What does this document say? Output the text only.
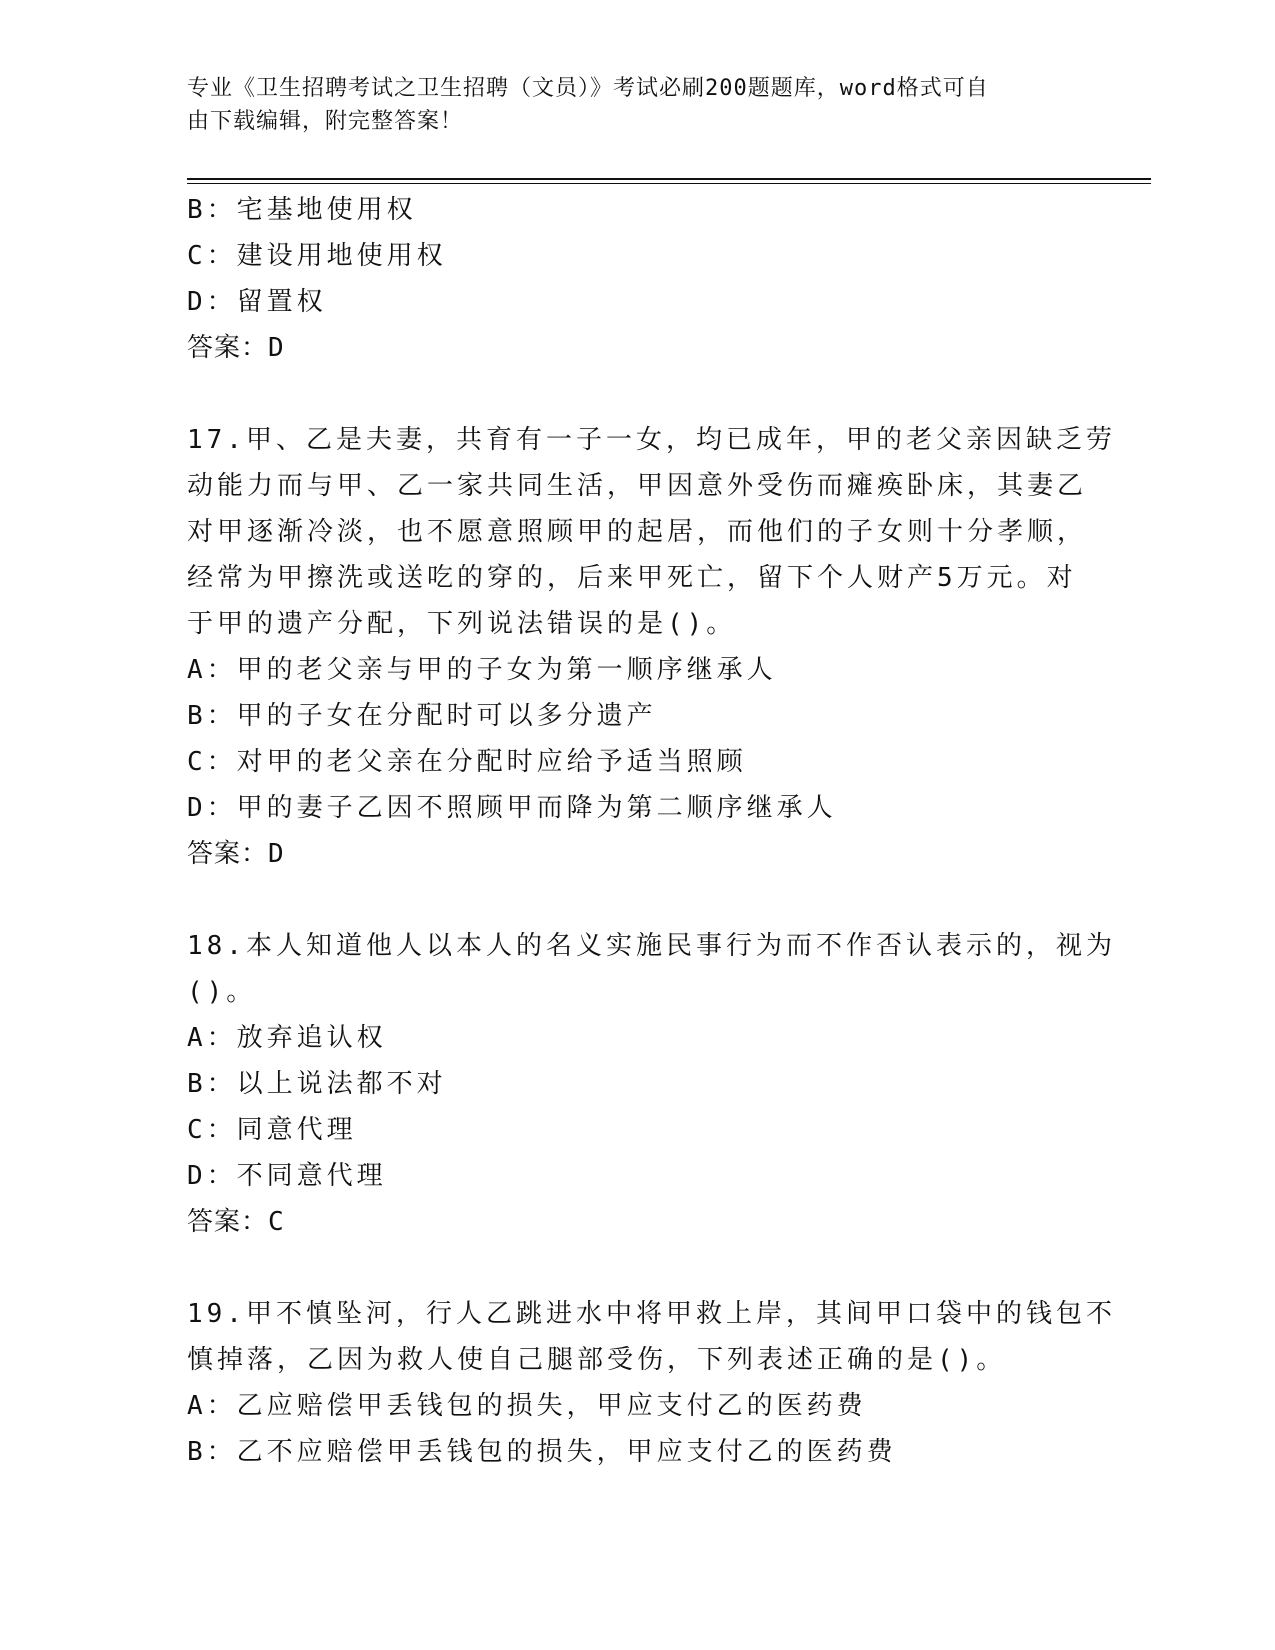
专业《卫生招聘考试之卫生招聘（文员）》考试必刷200题题库，word格式可自
由下载编辑，附完整答案！
B：宅基地使用权
C：建设用地使用权
D：留置权
答案：D
17.甲、乙是夫妻，共育有一子一女，均已成年，甲的老父亲因缺乏劳
动能力而与甲、乙一家共同生活，甲因意外受伤而瘫痪卧床，其妻乙
对甲逐渐冷淡，也不愿意照顾甲的起居，而他们的子女则十分孝顺，
经常为甲擦洗或送吃的穿的，后来甲死亡，留下个人财产5万元。对
于甲的遗产分配，下列说法错误的是()。
A：甲的老父亲与甲的子女为第一顺序继承人
B：甲的子女在分配时可以多分遗产
C：对甲的老父亲在分配时应给予适当照顾
D：甲的妻子乙因不照顾甲而降为第二顺序继承人
答案：D
18.本人知道他人以本人的名义实施民事行为而不作否认表示的，视为
()。
A：放弃追认权
B：以上说法都不对
C：同意代理
D：不同意代理
答案：C
19.甲不慎坠河，行人乙跳进水中将甲救上岸，其间甲口袋中的钱包不
慎掉落，乙因为救人使自己腿部受伤，下列表述正确的是()。
A：乙应赔偿甲丢钱包的损失，甲应支付乙的医药费
B：乙不应赔偿甲丢钱包的损失，甲应支付乙的医药费
